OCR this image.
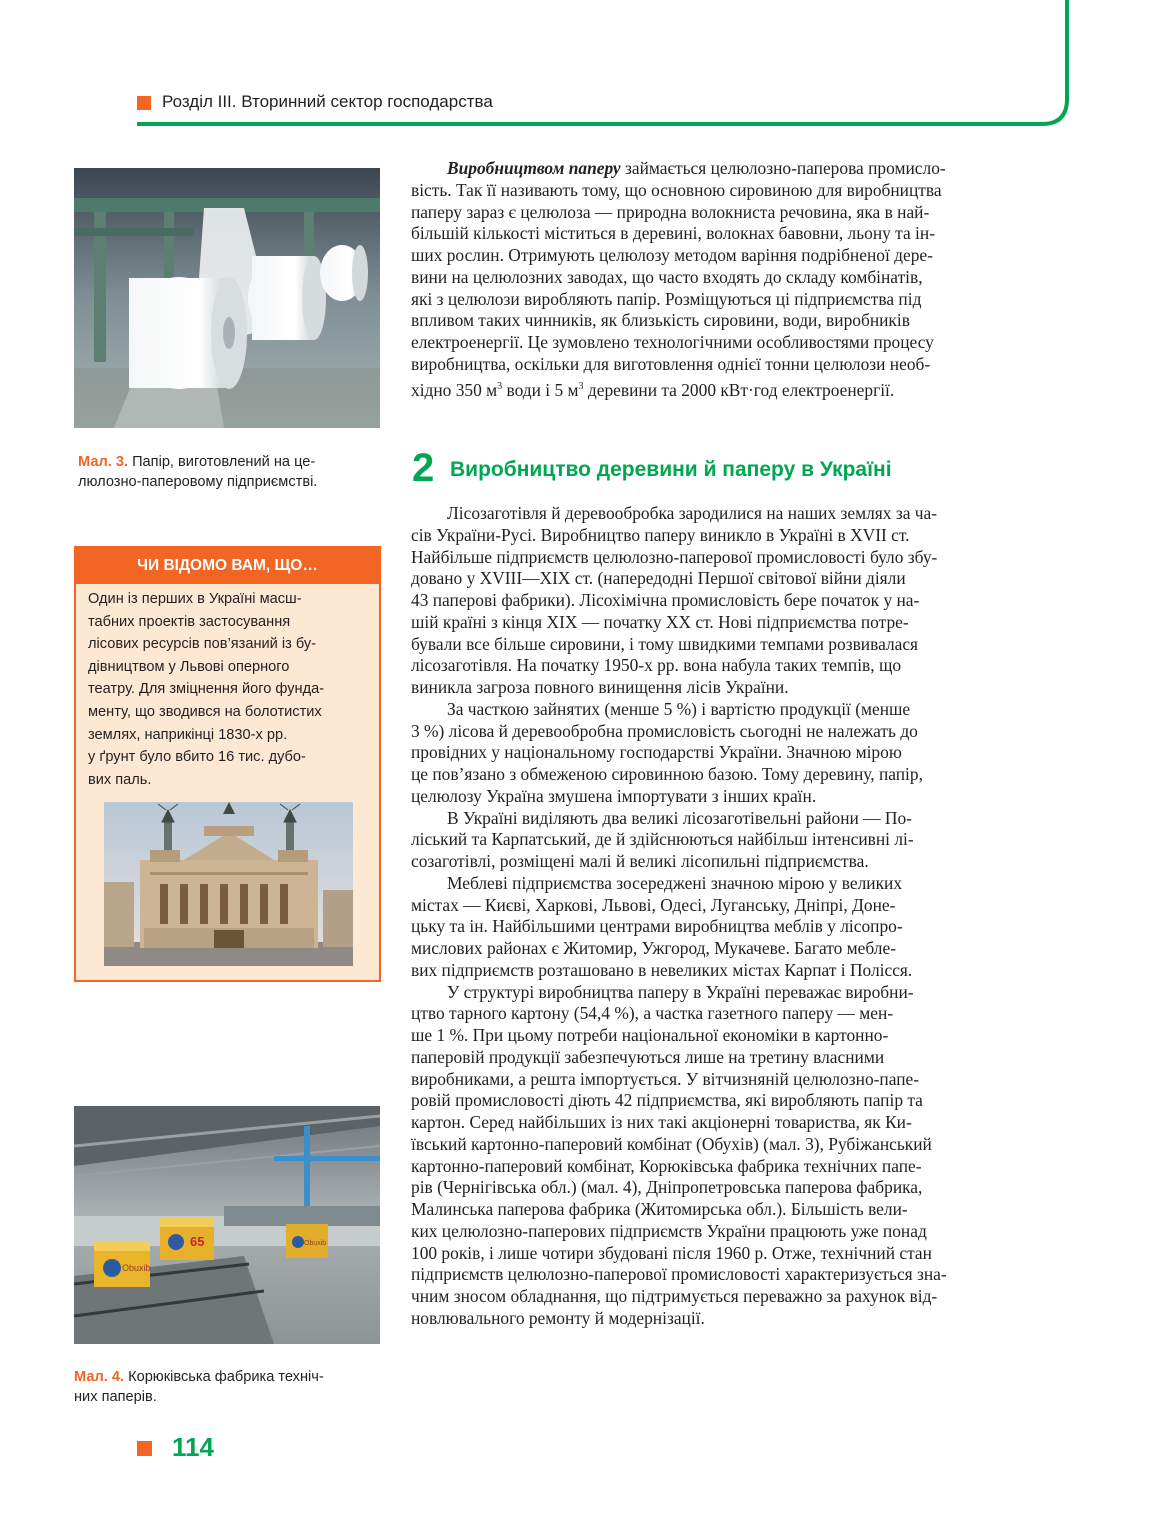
Розділ ІІІ. Вторинний сектор господарства
Мал. 3. Папір, виготовлений на це-
люлозно-паперовому підприємстві.
ЧИ ВІДОМО ВАМ, ЩО…
Один із перших в Україні масш-
табних проектів застосування
лісових ресурсів пов’язаний із бу-
дівництвом у Львові оперного
театру. Для зміцнення його фунда-
менту, що зводився на болотистих
землях, наприкінці 1830-х рр.
у ґрунт було вбито 16 тис. дубо-
вих паль.
Obuxib
65	Obuxib
Мал. 4. Корюківська фабрика техніч-
них паперів.
Виробництвом паперу займається целюлозно-паперова промисло-
вість. Так її називають тому, що основною сировиною для виробництва
паперу зараз є целюлоза — природна волокниста речовина, яка в най-
більшій кількості міститься в деревині, волокнах бавовни, льону та ін-
ших рослин. Отримують целюлозу методом варіння подрібненої дере-
вини на целюлозних заводах, що часто входять до складу комбінатів,
які з целюлози виробляють папір. Розміщуються ці підприємства під
впливом таких чинників, як близькість сировини, води, виробників
електроенергії. Це зумовлено технологічними особливостями процесу
виробництва, оскільки для виготовлення однієї тонни целюлози необ-
хідно 350 $м^3$ води і 5 $м^3$ деревини та 2000 кВт·год електроенергії.
2 Виробництво деревини й паперу в Україні
Лісозаготівля й деревообробка зародилися на наших землях за ча-
сів України-Русі. Виробництво паперу виникло в Україні в XVII ст.
Найбільше підприємств целюлозно-паперової промисловості було збу-
довано у XVIII—XIX ст. (напередодні Першої світової війни діяли
43 паперові фабрики). Лісохімічна промисловість бере початок у на-
шій країні з кінця ХІХ — початку ХХ ст. Нові підприємства потре-
бували все більше сировини, і тому швидкими темпами розвивалася
лісозаготівля. На початку 1950-х рр. вона набула таких темпів, що
виникла загроза повного винищення лісів України.
За часткою зайнятих (менше 5 %) і вартістю продукції (менше
3 %) лісова й деревообробна промисловість сьогодні не належать до
провідних у національному господарстві України. Значною мірою
це пов’язано з обмеженою сировинною базою. Тому деревину, папір,
целюлозу Україна змушена імпортувати з інших країн.
В Україні виділяють два великі лісозаготівельні райони — По-
ліський та Карпатський, де й здійснюються найбільш інтенсивні лі-
созаготівлі, розміщені малі й великі лісопильні підприємства.
Меблеві підприємства зосереджені значною мірою у великих
містах — Києві, Харкові, Львові, Одесі, Луганську, Дніпрі, Доне-
цьку та ін. Найбільшими центрами виробництва меблів у лісопро-
мислових районах є Житомир, Ужгород, Мукачеве. Багато меблe-
вих підприємств розташовано в невеликих містах Карпат і Полісся.
У структурі виробництва паперу в Україні переважає виробни-
цтво тарного картону (54,4 %), а частка газетного паперу — мен-
ше 1 %. При цьому потреби національної економіки в картонно-
паперовій продукції забезпечуються лише на третину власними
виробниками, а решта імпортується. У вітчизняній целюлозно-папе-
ровій промисловості діють 42 підприємства, які виробляють папір та
картон. Серед найбільших із них такі акціонерні товариства, як Ки-
ївський картонно-паперовий комбінат (Обухів) (мал. 3), Рубіжанський
картонно-паперовий комбінат, Корюківська фабрика технічних папе-
рів (Чернігівська обл.) (мал. 4), Дніпропетровська паперова фабрика,
Малинська паперова фабрика (Житомирська обл.). Більшість вели-
ких целюлозно-паперових підприємств України працюють уже понад
100 років, і лише чотири збудовані після 1960 р. Отже, технічний стан
підприємств целюлозно-паперової промисловості характеризується зна-
чним зносом обладнання, що підтримується переважно за рахунок від-
новлювального ремонту й модернізації.
114
